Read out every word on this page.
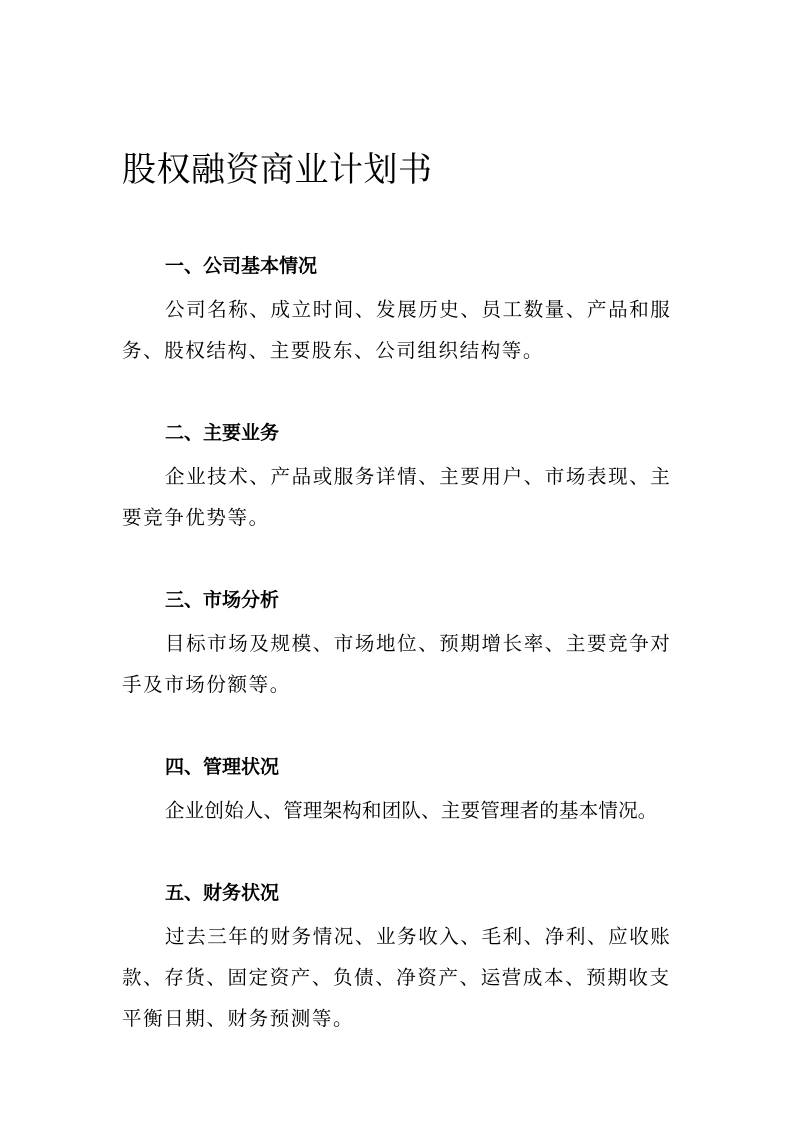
股权融资商业计划书
一、公司基本情况

公司名称、成立时间、发展历史、员工数量、产品和服务、股权结构、主要股东、公司组织结构等。

二、主要业务

企业技术、产品或服务详情、主要用户、市场表现、主要竞争优势等。

三、市场分析

目标市场及规模、市场地位、预期增长率、主要竞争对手及市场份额等。

四、管理状况

企业创始人、管理架构和团队、主要管理者的基本情况。

五、财务状况

过去三年的财务情况、业务收入、毛利、净利、应收账款、存货、固定资产、负债、净资产、运营成本、预期收支平衡日期、财务预测等。
